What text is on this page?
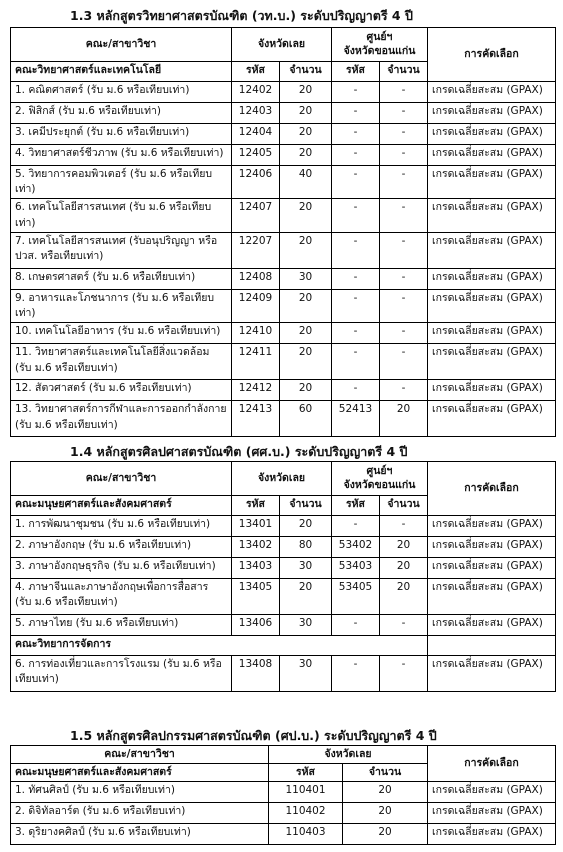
1.3 หลักสูตรวิทยาศาสตรบัณฑิต (วท.บ.) ระดับปริญญาตรี 4 ปี
คณะ/สาขาวิชา	จังหวัดเลย		ศูนย์ฯ
จังหวัดขอนแก่น		การคัดเลือก
คณะวิทยาศาสตร์และเทคโนโลยี	รหัส	จำนวน	รหัส	จำนวน	
1. คณิตศาสตร์ (รับ ม.6 หรือเทียบเท่า)	12402	20	-	-	เกรดเฉลี่ยสะสม (GPAX)
2. ฟิสิกส์ (รับ ม.6 หรือเทียบเท่า)	12403	20	-	-	เกรดเฉลี่ยสะสม (GPAX)
3. เคมีประยุกต์ (รับ ม.6 หรือเทียบเท่า)	12404	20	-	-	เกรดเฉลี่ยสะสม (GPAX)
4. วิทยาศาสตร์ชีวภาพ (รับ ม.6 หรือเทียบเท่า)	12405	20	-	-	เกรดเฉลี่ยสะสม (GPAX)
5. วิทยาการคอมพิวเตอร์ (รับ ม.6 หรือเทียบเท่า)	12406	40	-	-	เกรดเฉลี่ยสะสม (GPAX)
6. เทคโนโลยีสารสนเทศ (รับ ม.6 หรือเทียบเท่า)	12407	20	-	-	เกรดเฉลี่ยสะสม (GPAX)
7. เทคโนโลยีสารสนเทศ (รับอนุปริญญา หรือ ปวส. หรือเทียบเท่า)	12207	20	-	-	เกรดเฉลี่ยสะสม (GPAX)
8. เกษตรศาสตร์ (รับ ม.6 หรือเทียบเท่า)	12408	30	-	-	เกรดเฉลี่ยสะสม (GPAX)
9. อาหารและโภชนาการ (รับ ม.6 หรือเทียบเท่า)	12409	20	-	-	เกรดเฉลี่ยสะสม (GPAX)
10. เทคโนโลยีอาหาร (รับ ม.6 หรือเทียบเท่า)	12410	20	-	-	เกรดเฉลี่ยสะสม (GPAX)
11. วิทยาศาสตร์และเทคโนโลยีสิ่งแวดล้อม (รับ ม.6 หรือเทียบเท่า)	12411	20	-	-	เกรดเฉลี่ยสะสม (GPAX)
12. สัตวศาสตร์ (รับ ม.6 หรือเทียบเท่า)	12412	20	-	-	เกรดเฉลี่ยสะสม (GPAX)
13. วิทยาศาสตร์การกีฬาและการออกกำลังกาย (รับ ม.6 หรือเทียบเท่า)	12413	60	52413	20	เกรดเฉลี่ยสะสม (GPAX)
1.4 หลักสูตรศิลปศาสตรบัณฑิต (ศศ.บ.) ระดับปริญญาตรี 4 ปี
คณะ/สาขาวิชา	จังหวัดเลย		ศูนย์ฯ
จังหวัดขอนแก่น		การคัดเลือก
คณะมนุษยศาสตร์และสังคมศาสตร์	รหัส	จำนวน	รหัส	จำนวน	
1. การพัฒนาชุมชน (รับ ม.6 หรือเทียบเท่า)	13401	20	-	-	เกรดเฉลี่ยสะสม (GPAX)
2. ภาษาอังกฤษ (รับ ม.6 หรือเทียบเท่า)	13402	80	53402	20	เกรดเฉลี่ยสะสม (GPAX)
3. ภาษาอังกฤษธุรกิจ (รับ ม.6 หรือเทียบเท่า)	13403	30	53403	20	เกรดเฉลี่ยสะสม (GPAX)
4. ภาษาจีนและภาษาอังกฤษเพื่อการสื่อสาร (รับ ม.6 หรือเทียบเท่า)	13405	20	53405	20	เกรดเฉลี่ยสะสม (GPAX)
5. ภาษาไทย (รับ ม.6 หรือเทียบเท่า)	13406	30	-	-	เกรดเฉลี่ยสะสม (GPAX)
คณะวิทยาการจัดการ					
6. การท่องเที่ยวและการโรงแรม (รับ ม.6 หรือเทียบเท่า)	13408	30	-	-	เกรดเฉลี่ยสะสม (GPAX)
1.5 หลักสูตรศิลปกรรมศาสตรบัณฑิต (ศป.บ.) ระดับปริญญาตรี 4 ปี
คณะ/สาขาวิชา	จังหวัดเลย		การคัดเลือก
คณะมนุษยศาสตร์และสังคมศาสตร์	รหัส	จำนวน	
1. ทัศนศิลป์ (รับ ม.6 หรือเทียบเท่า)	110401	20	เกรดเฉลี่ยสะสม (GPAX)
2. ดิจิทัลอาร์ต (รับ ม.6 หรือเทียบเท่า)	110402	20	เกรดเฉลี่ยสะสม (GPAX)
3. ดุริยางคศิลป์ (รับ ม.6 หรือเทียบเท่า)	110403	20	เกรดเฉลี่ยสะสม (GPAX)
